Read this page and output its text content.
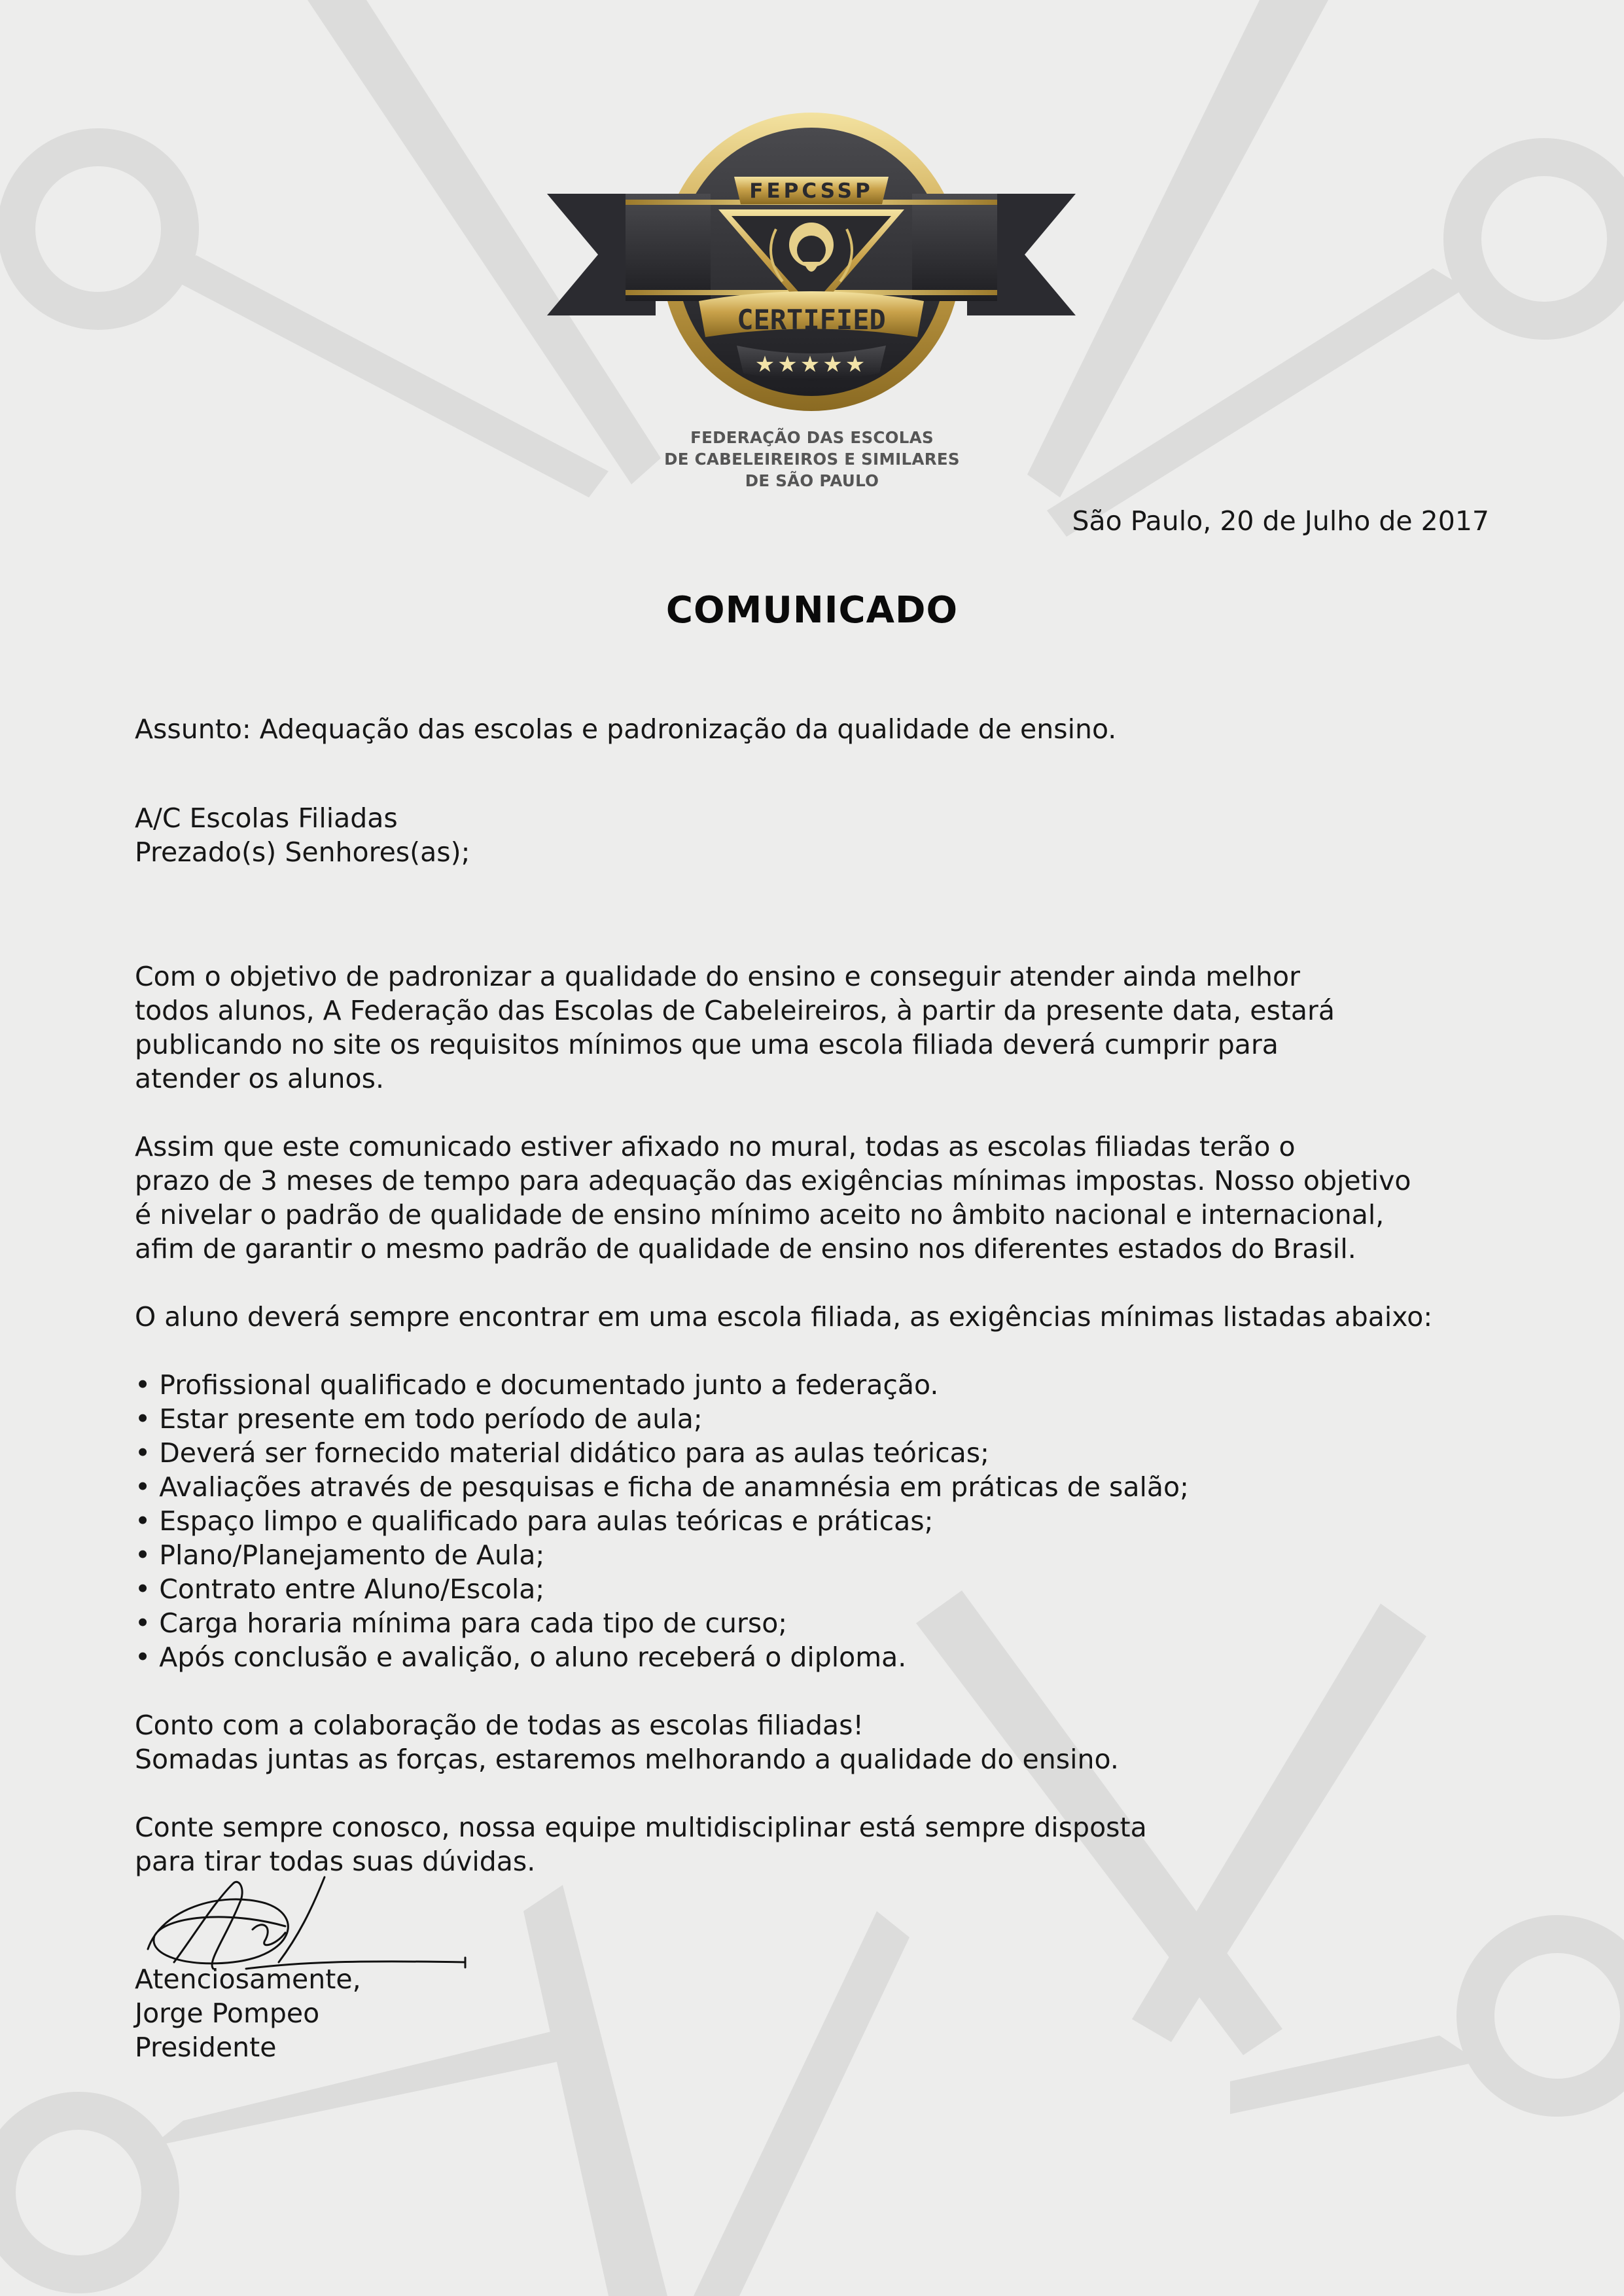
FEPCSSP
CERTIFIED
★★★★★
FEDERAÇÃO DAS ESCOLAS
DE CABELEIREIROS E SIMILARES
DE SÃO PAULO
São Paulo, 20 de Julho de 2017
COMUNICADO
Assunto: Adequação das escolas e padronização da qualidade de ensino.
A/C Escolas Filiadas
Prezado(s) Senhores(as);
Com o objetivo de padronizar a qualidade do ensino e conseguir atender ainda melhor
todos alunos, A Federação das Escolas de Cabeleireiros, à partir da presente data, estará
publicando no site os requisitos mínimos que uma escola filiada deverá cumprir para
atender os alunos.
Assim que este comunicado estiver afixado no mural, todas as escolas filiadas terão o
prazo de 3 meses de tempo para adequação das exigências mínimas impostas. Nosso objetivo
é nivelar o padrão de qualidade de ensino mínimo aceito no âmbito nacional e internacional,
afim de garantir o mesmo padrão de qualidade de ensino nos diferentes estados do Brasil.
O aluno deverá sempre encontrar em uma escola filiada, as exigências mínimas listadas abaixo:
• Profissional qualificado e documentado junto a federação.
• Estar presente em todo período de aula;
• Deverá ser fornecido material didático para as aulas teóricas;
• Avaliações através de pesquisas e ficha de anamnésia em práticas de salão;
• Espaço limpo e qualificado para aulas teóricas e práticas;
• Plano/Planejamento de Aula;
• Contrato entre Aluno/Escola;
• Carga horaria mínima para cada tipo de curso;
• Após conclusão e avalição, o aluno receberá o diploma.
Conto com a colaboração de todas as escolas filiadas!
Somadas juntas as forças, estaremos melhorando a qualidade do ensino.
Conte sempre conosco, nossa equipe multidisciplinar está sempre disposta
para tirar todas suas dúvidas.
Atenciosamente,
Jorge Pompeo
Presidente
